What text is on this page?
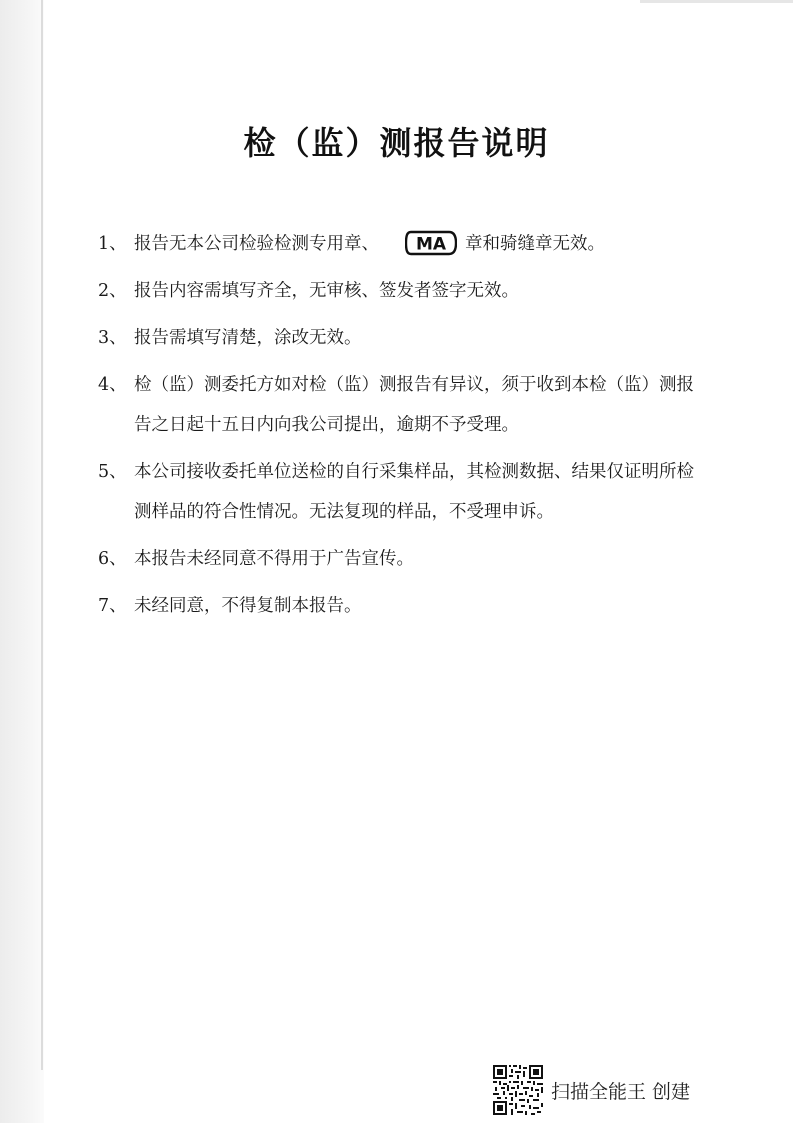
检（监）测报告说明
1、 报告无本公司检验检测专用章、 MA 章和骑缝章无效。
2、 报告内容需填写齐全，无审核、签发者签字无效。
3、 报告需填写清楚，涂改无效。
4、 检（监）测委托方如对检（监）测报告有异议，须于收到本检（监）测报告之日起十五日内向我公司提出，逾期不予受理。
5、 本公司接收委托单位送检的自行采集样品，其检测数据、结果仅证明所检测样品的符合性情况。无法复现的样品，不受理申诉。
6、 本报告未经同意不得用于广告宣传。
7、 未经同意，不得复制本报告。
扫描全能王 创建
